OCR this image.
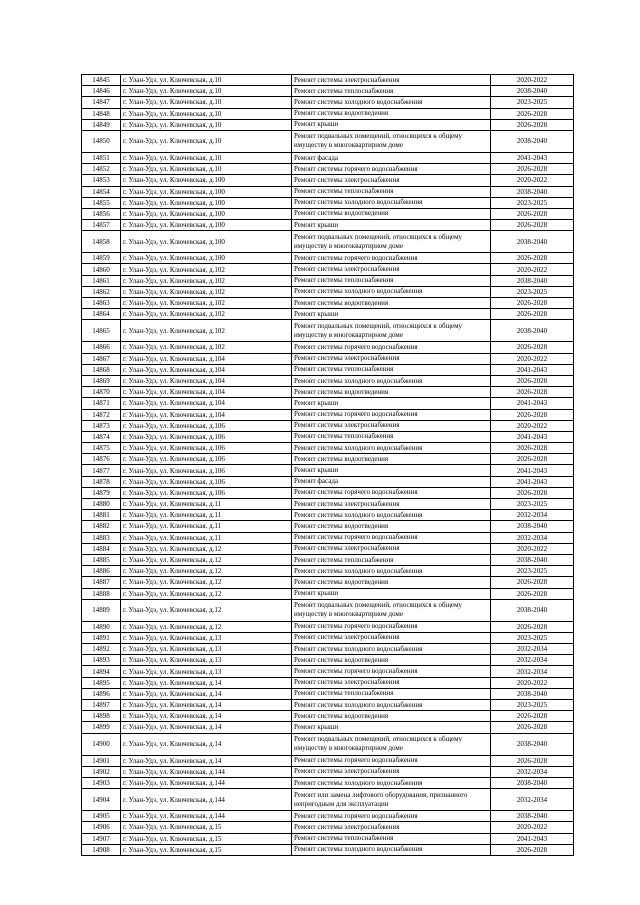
14845	г. Улан-Удэ, ул. Ключевская, д.10	Ремонт системы электроснабжения	2020-2022
14846	г. Улан-Удэ, ул. Ключевская, д.10	Ремонт системы теплоснабжения	2038-2040
14847	г. Улан-Удэ, ул. Ключевская, д.10	Ремонт системы холодного водоснабжения	2023-2025
14848	г. Улан-Удэ, ул. Ключевская, д.10	Ремонт системы водоотведения	2026-2028
14849	г. Улан-Удэ, ул. Ключевская, д.10	Ремонт крыши	2026-2028
14850	г. Улан-Удэ, ул. Ключевская, д.10	Ремонт подвальных помещений, относящихся к общему имуществу в многоквартирном доме	2038-2040
14851	г. Улан-Удэ, ул. Ключевская, д.10	Ремонт фасада	2041-2043
14852	г. Улан-Удэ, ул. Ключевская, д.10	Ремонт системы горячего водоснабжения	2026-2028
14853	г. Улан-Удэ, ул. Ключевская, д.100	Ремонт системы электроснабжения	2020-2022
14854	г. Улан-Удэ, ул. Ключевская, д.100	Ремонт системы теплоснабжения	2038-2040
14855	г. Улан-Удэ, ул. Ключевская, д.100	Ремонт системы холодного водоснабжения	2023-2025
14856	г. Улан-Удэ, ул. Ключевская, д.100	Ремонт системы водоотведения	2026-2028
14857	г. Улан-Удэ, ул. Ключевская, д.100	Ремонт крыши	2026-2028
14858	г. Улан-Удэ, ул. Ключевская, д.100	Ремонт подвальных помещений, относящихся к общему имуществу в многоквартирном доме	2038-2040
14859	г. Улан-Удэ, ул. Ключевская, д.100	Ремонт системы горячего водоснабжения	2026-2028
14860	г. Улан-Удэ, ул. Ключевская, д.102	Ремонт системы электроснабжения	2020-2022
14861	г. Улан-Удэ, ул. Ключевская, д.102	Ремонт системы теплоснабжения	2038-2040
14862	г. Улан-Удэ, ул. Ключевская, д.102	Ремонт системы холодного водоснабжения	2023-2025
14863	г. Улан-Удэ, ул. Ключевская, д.102	Ремонт системы водоотведения	2026-2028
14864	г. Улан-Удэ, ул. Ключевская, д.102	Ремонт крыши	2026-2028
14865	г. Улан-Удэ, ул. Ключевская, д.102	Ремонт подвальных помещений, относящихся к общему имуществу в многоквартирном доме	2038-2040
14866	г. Улан-Удэ, ул. Ключевская, д.102	Ремонт системы горячего водоснабжения	2026-2028
14867	г. Улан-Удэ, ул. Ключевская, д.104	Ремонт системы электроснабжения	2020-2022
14868	г. Улан-Удэ, ул. Ключевская, д.104	Ремонт системы теплоснабжения	2041-2043
14869	г. Улан-Удэ, ул. Ключевская, д.104	Ремонт системы холодного водоснабжения	2026-2028
14870	г. Улан-Удэ, ул. Ключевская, д.104	Ремонт системы водоотведения	2026-2028
14871	г. Улан-Удэ, ул. Ключевская, д.104	Ремонт крыши	2041-2043
14872	г. Улан-Удэ, ул. Ключевская, д.104	Ремонт системы горячего водоснабжения	2026-2028
14873	г. Улан-Удэ, ул. Ключевская, д.106	Ремонт системы электроснабжения	2020-2022
14874	г. Улан-Удэ, ул. Ключевская, д.106	Ремонт системы теплоснабжения	2041-2043
14875	г. Улан-Удэ, ул. Ключевская, д.106	Ремонт системы холодного водоснабжения	2026-2028
14876	г. Улан-Удэ, ул. Ключевская, д.106	Ремонт системы водоотведения	2026-2028
14877	г. Улан-Удэ, ул. Ключевская, д.106	Ремонт крыши	2041-2043
14878	г. Улан-Удэ, ул. Ключевская, д.106	Ремонт фасада	2041-2043
14879	г. Улан-Удэ, ул. Ключевская, д.106	Ремонт системы горячего водоснабжения	2026-2028
14880	г. Улан-Удэ, ул. Ключевская, д.11	Ремонт системы электроснабжения	2023-2025
14881	г. Улан-Удэ, ул. Ключевская, д.11	Ремонт системы холодного водоснабжения	2032-2034
14882	г. Улан-Удэ, ул. Ключевская, д.11	Ремонт системы водоотведения	2038-2040
14883	г. Улан-Удэ, ул. Ключевская, д.11	Ремонт системы горячего водоснабжения	2032-2034
14884	г. Улан-Удэ, ул. Ключевская, д.12	Ремонт системы электроснабжения	2020-2022
14885	г. Улан-Удэ, ул. Ключевская, д.12	Ремонт системы теплоснабжения	2038-2040
14886	г. Улан-Удэ, ул. Ключевская, д.12	Ремонт системы холодного водоснабжения	2023-2025
14887	г. Улан-Удэ, ул. Ключевская, д.12	Ремонт системы водоотведения	2026-2028
14888	г. Улан-Удэ, ул. Ключевская, д.12	Ремонт крыши	2026-2028
14889	г. Улан-Удэ, ул. Ключевская, д.12	Ремонт подвальных помещений, относящихся к общему имуществу в многоквартирном доме	2038-2040
14890	г. Улан-Удэ, ул. Ключевская, д.12	Ремонт системы горячего водоснабжения	2026-2028
14891	г. Улан-Удэ, ул. Ключевская, д.13	Ремонт системы электроснабжения	2023-2025
14892	г. Улан-Удэ, ул. Ключевская, д.13	Ремонт системы холодного водоснабжения	2032-2034
14893	г. Улан-Удэ, ул. Ключевская, д.13	Ремонт системы водоотведения	2032-2034
14894	г. Улан-Удэ, ул. Ключевская, д.13	Ремонт системы горячего водоснабжения	2032-2034
14895	г. Улан-Удэ, ул. Ключевская, д.14	Ремонт системы электроснабжения	2020-2022
14896	г. Улан-Удэ, ул. Ключевская, д.14	Ремонт системы теплоснабжения	2038-2040
14897	г. Улан-Удэ, ул. Ключевская, д.14	Ремонт системы холодного водоснабжения	2023-2025
14898	г. Улан-Удэ, ул. Ключевская, д.14	Ремонт системы водоотведения	2026-2028
14899	г. Улан-Удэ, ул. Ключевская, д.14	Ремонт крыши	2026-2028
14900	г. Улан-Удэ, ул. Ключевская, д.14	Ремонт подвальных помещений, относящихся к общему имуществу в многоквартирном доме	2038-2040
14901	г. Улан-Удэ, ул. Ключевская, д.14	Ремонт системы горячего водоснабжения	2026-2028
14902	г. Улан-Удэ, ул. Ключевская, д.144	Ремонт системы электроснабжения	2032-2034
14903	г. Улан-Удэ, ул. Ключевская, д.144	Ремонт системы холодного водоснабжения	2038-2040
14904	г. Улан-Удэ, ул. Ключевская, д.144	Ремонт или замена лифтового оборудования, признанного непригодным для эксплуатации	2032-2034
14905	г. Улан-Удэ, ул. Ключевская, д.144	Ремонт системы горячего водоснабжения	2038-2040
14906	г. Улан-Удэ, ул. Ключевская, д.15	Ремонт системы электроснабжения	2020-2022
14907	г. Улан-Удэ, ул. Ключевская, д.15	Ремонт системы теплоснабжения	2041-2043
14908	г. Улан-Удэ, ул. Ключевская, д.15	Ремонт системы холодного водоснабжения	2026-2028
